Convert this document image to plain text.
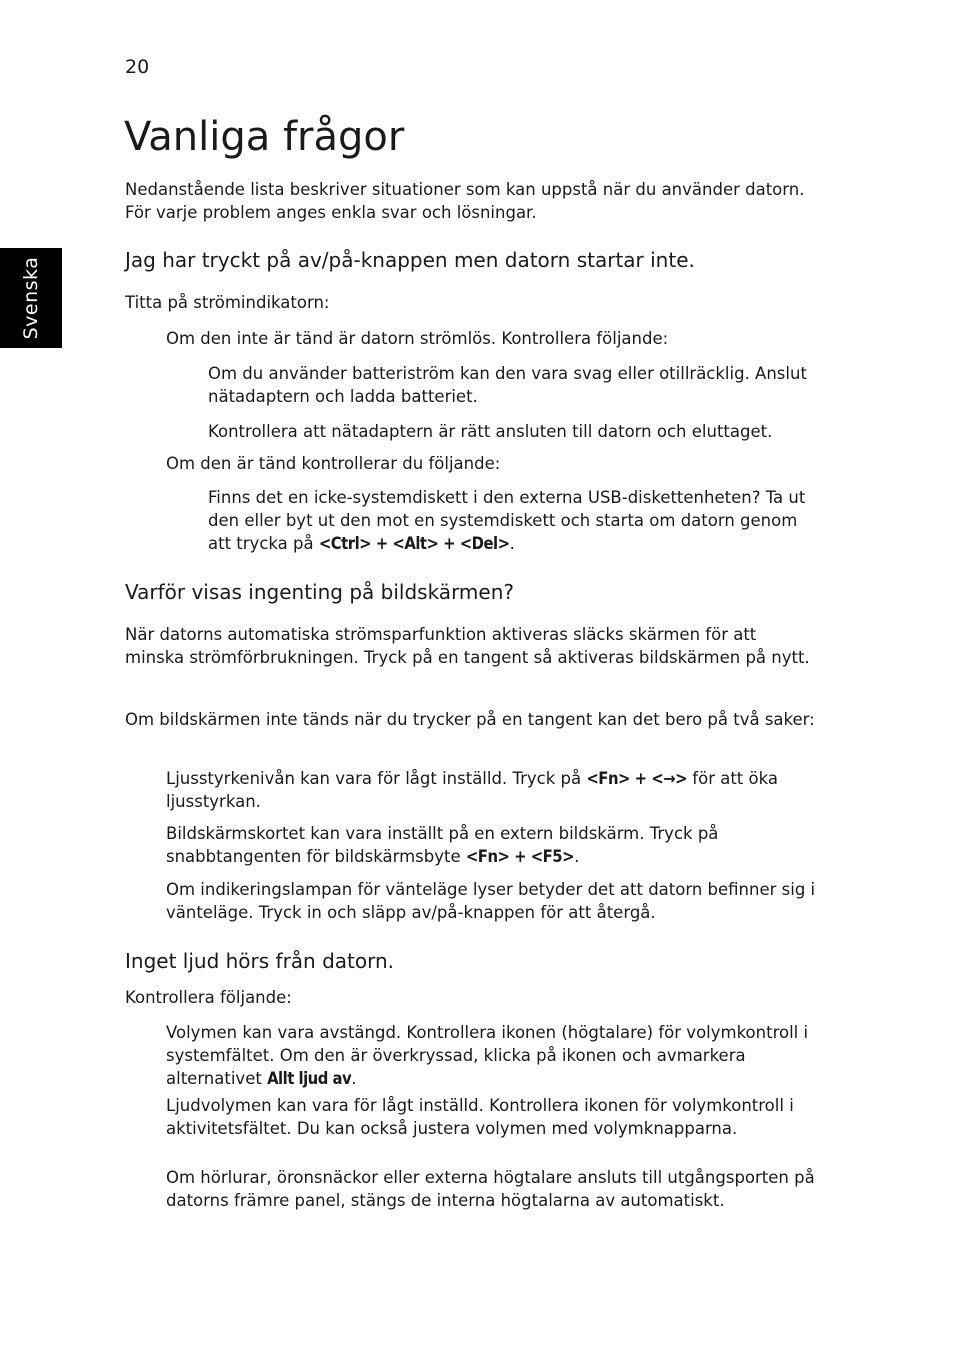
20
Svenska
Vanliga frågor

Nedanstående lista beskriver situationer som kan uppstå när du använder datorn. För varje problem anges enkla svar och lösningar.

Jag har tryckt på av/på-knappen men datorn startar inte.

Titta på strömindikatorn:

Om den inte är tänd är datorn strömlös. Kontrollera följande:

Om du använder batteriström kan den vara svag eller otillräcklig. Anslut nätadaptern och ladda batteriet.

Kontrollera att nätadaptern är rätt ansluten till datorn och eluttaget.

Om den är tänd kontrollerar du följande:

Finns det en icke-systemdiskett i den externa USB-diskettenheten? Ta ut den eller byt ut den mot en systemdiskett och starta om datorn genom att trycka på <Ctrl> + <Alt> + <Del>.

Varför visas ingenting på bildskärmen?

När datorns automatiska strömsparfunktion aktiveras släcks skärmen för att minska strömförbrukningen. Tryck på en tangent så aktiveras bildskärmen på nytt.

Om bildskärmen inte tänds när du trycker på en tangent kan det bero på två saker:

Ljusstyrkenivån kan vara för lågt inställd. Tryck på <Fn> + <→> för att öka ljusstyrkan.

Bildskärmskortet kan vara inställt på en extern bildskärm. Tryck på snabbtangenten för bildskärmsbyte <Fn> + <F5>.

Om indikeringslampan för vänteläge lyser betyder det att datorn befinner sig i vänteläge. Tryck in och släpp av/på-knappen för att återgå.

Inget ljud hörs från datorn.

Kontrollera följande:

Volymen kan vara avstängd. Kontrollera ikonen (högtalare) för volymkontroll i systemfältet. Om den är överkryssad, klicka på ikonen och avmarkera alternativet Allt ljud av.

Ljudvolymen kan vara för lågt inställd. Kontrollera ikonen för volymkontroll i aktivitetsfältet. Du kan också justera volymen med volymknapparna.

Om hörlurar, öronsnäckor eller externa högtalare ansluts till utgångsporten på datorns främre panel, stängs de interna högtalarna av automatiskt.
